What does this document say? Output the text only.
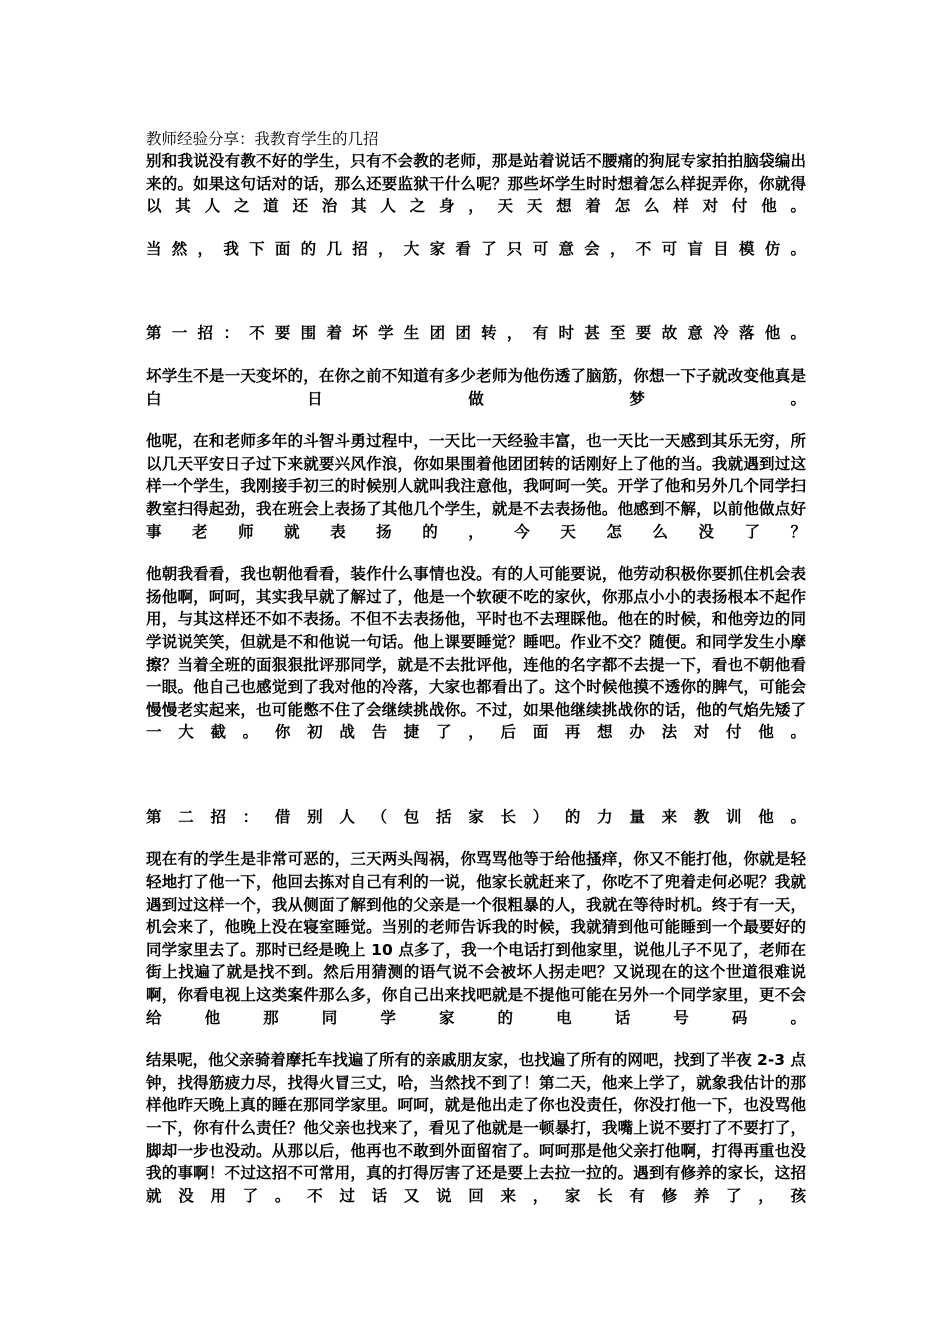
教师经验分享：我教育学生的几招

别和我说没有教不好的学生，只有不会教的老师，那是站着说话不腰痛的狗屁专家拍拍脑袋编出来的。如果这句话对的话，那么还要监狱干什么呢？那些坏学生时时想着怎么样捉弄你，你就得以其人之道还治其人之身，天天想着怎么样对付他。

当然，我下面的几招，大家看了只可意会，不可盲目模仿。

第一招：不要围着坏学生团团转，有时甚至要故意冷落他。

坏学生不是一天变坏的，在你之前不知道有多少老师为他伤透了脑筋，你想一下子就改变他真是白日做梦。

他呢，在和老师多年的斗智斗勇过程中，一天比一天经验丰富，也一天比一天感到其乐无穷，所以几天平安日子过下来就要兴风作浪，你如果围着他团团转的话刚好上了他的当。我就遇到过这样一个学生，我刚接手初三的时候别人就叫我注意他，我呵呵一笑。开学了他和另外几个同学扫教室扫得起劲，我在班会上表扬了其他几个学生，就是不去表扬他。他感到不解，以前他做点好事老师就表扬的，今天怎么没了？

他朝我看看，我也朝他看看，装作什么事情也没。有的人可能要说，他劳动积极你要抓住机会表扬他啊，呵呵，其实我早就了解过了，他是一个软硬不吃的家伙，你那点小小的表扬根本不起作用，与其这样还不如不表扬。不但不去表扬他，平时也不去理睬他。他在的时候，和他旁边的同学说说笑笑，但就是不和他说一句话。他上课要睡觉？睡吧。作业不交？随便。和同学发生小摩擦？当着全班的面狠狠批评那同学，就是不去批评他，连他的名字都不去提一下，看也不朝他看一眼。他自己也感觉到了我对他的冷落，大家也都看出了。这个时候他摸不透你的脾气，可能会慢慢老实起来，也可能憋不住了会继续挑战你。不过，如果他继续挑战你的话，他的气焰先矮了一大截。你初战告捷了，后面再想办法对付他。

第二招：借别人（包括家长）的力量来教训他。

现在有的学生是非常可恶的，三天两头闯祸，你骂骂他等于给他搔痒，你又不能打他，你就是轻轻地打了他一下，他回去拣对自己有利的一说，他家长就赶来了，你吃不了兜着走何必呢？我就遇到过这样一个，我从侧面了解到他的父亲是一个很粗暴的人，我就在等待时机。终于有一天，机会来了，他晚上没在寝室睡觉。当别的老师告诉我的时候，我就猜到他可能睡到一个最要好的同学家里去了。那时已经是晚上 10 点多了，我一个电话打到他家里，说他儿子不见了，老师在街上找遍了就是找不到。然后用猜测的语气说不会被坏人拐走吧？又说现在的这个世道很难说啊，你看电视上这类案件那么多，你自己出来找吧就是不提他可能在另外一个同学家里，更不会给他那同学家的电话号码。

结果呢，他父亲骑着摩托车找遍了所有的亲戚朋友家，也找遍了所有的网吧，找到了半夜 2-3 点钟，找得筋疲力尽，找得火冒三丈，哈，当然找不到了！第二天，他来上学了，就象我估计的那样他昨天晚上真的睡在那同学家里。呵呵，就是他出走了你也没责任，你没打他一下，也没骂他一下，你有什么责任？他父亲也找来了，看见了他就是一顿暴打，我嘴上说不要打了不要打了，脚却一步也没动。从那以后，他再也不敢到外面留宿了。呵呵那是他父亲打他啊，打得再重也没我的事啊！不过这招不可常用，真的打得厉害了还是要上去拉一拉的。遇到有修养的家长，这招就没用了。不过话又说回来，家长有修养了，孩
